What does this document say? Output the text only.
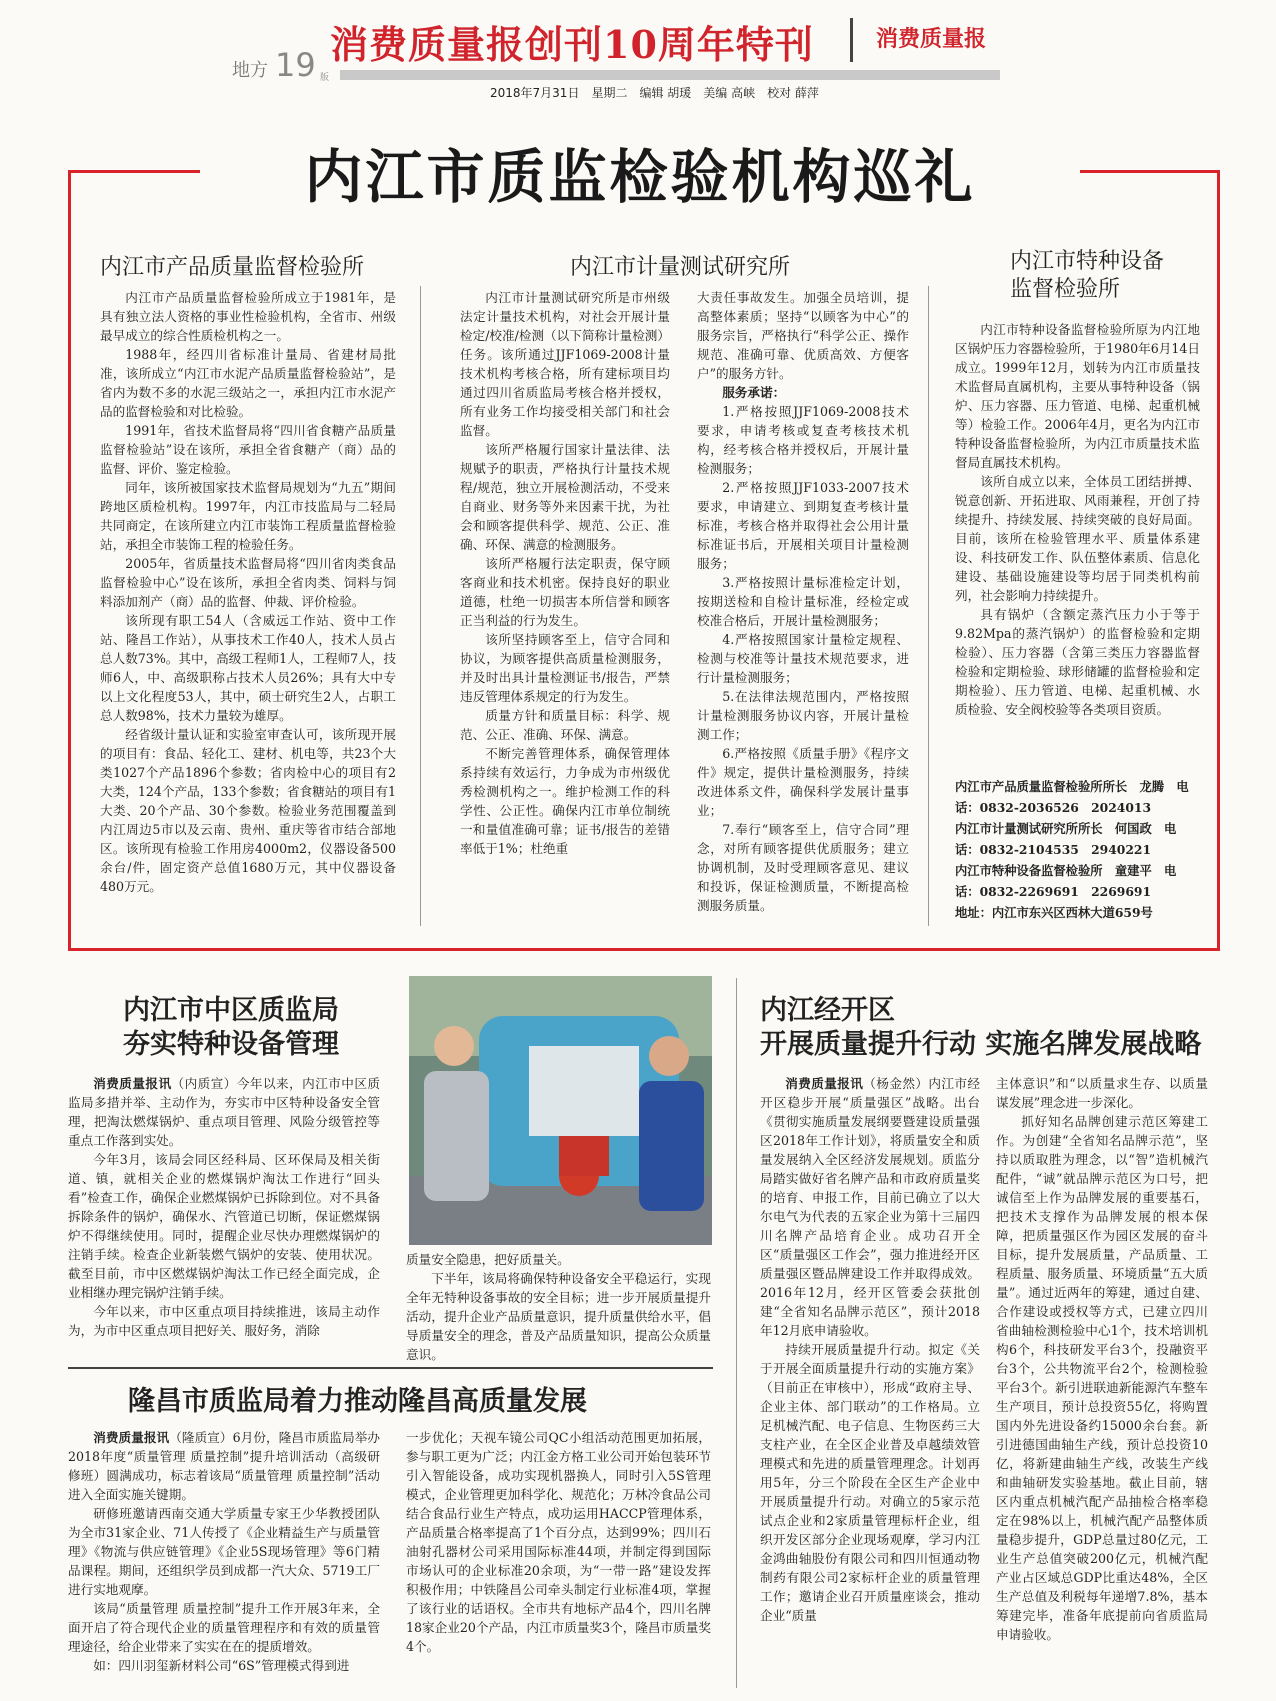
消费质量报创刊10周年特刊	消费质量报
地方 19 版
2018年7月31日　星期二　编辑 胡瑗　美编 高峡　校对 薛萍
内江市质监检验机构巡礼
内江市产品质量监督检验所

内江市产品质量监督检验所成立于1981年，是具有独立法人资格的事业性检验机构，全省市、州级最早成立的综合性质检机构之一。

1988年，经四川省标准计量局、省建材局批准，该所成立“内江市水泥产品质量监督检验站”，是省内为数不多的水泥三级站之一，承担内江市水泥产品的监督检验和对比检验。

1991年，省技术监督局将“四川省食糖产品质量监督检验站”设在该所，承担全省食糖产（商）品的监督、评价、鉴定检验。

同年，该所被国家技术监督局规划为“九五”期间跨地区质检机构。1997年，内江市技监局与二轻局共同商定，在该所建立内江市装饰工程质量监督检验站，承担全市装饰工程的检验任务。

2005年，省质量技术监督局将“四川省肉类食品监督检验中心”设在该所，承担全省肉类、饲料与饲料添加剂产（商）品的监督、仲裁、评价检验。

该所现有职工54人（含威远工作站、资中工作站、隆昌工作站），从事技术工作40人，技术人员占总人数73%。其中，高级工程师1人，工程师7人，技师6人，中、高级职称占技术人员26%；具有大中专以上文化程度53人，其中，硕士研究生2人，占职工总人数98%，技术力量较为雄厚。

经省级计量认证和实验室审查认可，该所现开展的项目有：食品、轻化工、建材、机电等，共23个大类1027个产品1896个参数；省肉检中心的项目有2大类，124个产品，133个参数；省食糖站的项目有1大类、20个产品、30个参数。检验业务范围覆盖到内江周边5市以及云南、贵州、重庆等省市结合部地区。该所现有检验工作用房4000m2，仪器设备500余台/件，固定资产总值1680万元，其中仪器设备480万元。

内江市计量测试研究所

内江市计量测试研究所是市州级法定计量技术机构，对社会开展计量检定/校准/检测（以下简称计量检测）任务。该所通过JJF1069-2008计量技术机构考核合格，所有建标项目均通过四川省质监局考核合格并授权，所有业务工作均接受相关部门和社会监督。

该所严格履行国家计量法律、法规赋予的职责，严格执行计量技术规程/规范，独立开展检测活动，不受来自商业、财务等外来因素干扰，为社会和顾客提供科学、规范、公正、准确、环保、满意的检测服务。

该所严格履行法定职责，保守顾客商业和技术机密。保持良好的职业道德，杜绝一切损害本所信誉和顾客正当利益的行为发生。

该所坚持顾客至上，信守合同和协议，为顾客提供高质量检测服务，并及时出具计量检测证书/报告，严禁违反管理体系规定的行为发生。

质量方针和质量目标：科学、规范、公正、准确、环保、满意。

不断完善管理体系，确保管理体系持续有效运行，力争成为市州级优秀检测机构之一。维护检测工作的科学性、公正性。确保内江市单位制统一和量值准确可靠；证书/报告的差错率低于1%；杜绝重

大责任事故发生。加强全员培训，提高整体素质；坚持“以顾客为中心”的服务宗旨，严格执行“科学公正、操作规范、准确可靠、优质高效、方便客户”的服务方针。

服务承诺：

1.严格按照JJF1069-2008技术要求，申请考核或复查考核技术机构，经考核合格并授权后，开展计量检测服务；

2.严格按照JJF1033-2007技术要求，申请建立、到期复查考核计量标准，考核合格并取得社会公用计量标准证书后，开展相关项目计量检测服务；

3.严格按照计量标准检定计划，按期送检和自检计量标准，经检定或校准合格后，开展计量检测服务；

4.严格按照国家计量检定规程、检测与校准等计量技术规范要求，进行计量检测服务；

5.在法律法规范围内，严格按照计量检测服务协议内容，开展计量检测工作；

6.严格按照《质量手册》《程序文件》规定，提供计量检测服务，持续改进体系文件，确保科学发展计量事业；

7.奉行“顾客至上，信守合同”理念，对所有顾客提供优质服务；建立协调机制，及时受理顾客意见、建议和投诉，保证检测质量，不断提高检测服务质量。

内江市特种设备
监督检验所

内江市特种设备监督检验所原为内江地区锅炉压力容器检验所，于1980年6月14日成立。1999年12月，划转为内江市质量技术监督局直属机构，主要从事特种设备（锅炉、压力容器、压力管道、电梯、起重机械等）检验工作。2006年4月，更名为内江市特种设备监督检验所，为内江市质量技术监督局直属技术机构。

该所自成立以来，全体员工团结拼搏、锐意创新、开拓进取、风雨兼程，开创了持续提升、持续发展、持续突破的良好局面。目前，该所在检验管理水平、质量体系建设、科技研发工作、队伍整体素质、信息化建设、基础设施建设等均居于同类机构前列，社会影响力持续提升。

具有锅炉（含额定蒸汽压力小于等于9.82Mpa的蒸汽锅炉）的监督检验和定期检验）、压力容器（含第三类压力容器监督检验和定期检验、球形储罐的监督检验和定期检验）、压力管道、电梯、起重机械、水质检验、安全阀校验等各类项目资质。

内江市产品质量监督检验所所长　龙腾　电话：0832-2036526　2024013

内江市计量测试研究所所长　何国政　电话：0832-2104535　2940221

内江市特种设备监督检验所　童建平　电话：0832-2269691　2269691

地址：内江市东兴区西林大道659号

内江市中区质监局
夯实特种设备管理

消费质量报讯（内质宣）今年以来，内江市中区质监局多措并举、主动作为，夯实市中区特种设备安全管理，把淘汰燃煤锅炉、重点项目管理、风险分级管控等重点工作落到实处。

今年3月，该局会同区经科局、区环保局及相关街道、镇，就相关企业的燃煤锅炉淘汰工作进行“回头看”检查工作，确保企业燃煤锅炉已拆除到位。对不具备拆除条件的锅炉，确保水、汽管道已切断，保证燃煤锅炉不得继续使用。同时，提醒企业尽快办理燃煤锅炉的注销手续。检查企业新装燃气锅炉的安装、使用状况。截至目前，市中区燃煤锅炉淘汰工作已经全面完成，企业相继办理完锅炉注销手续。

今年以来，市中区重点项目持续推进，该局主动作为，为市中区重点项目把好关、服好务，消除

质量安全隐患，把好质量关。

下半年，该局将确保特种设备安全平稳运行，实现全年无特种设备事故的安全目标；进一步开展质量提升活动，提升企业产品质量意识，提升质量供给水平，倡导质量安全的理念，普及产品质量知识，提高公众质量意识。

隆昌市质监局着力推动隆昌高质量发展

消费质量报讯（隆质宣）6月份，隆昌市质监局举办2018年度“质量管理 质量控制”提升培训活动（高级研修班）圆满成功，标志着该局“质量管理 质量控制”活动进入全面实施关键期。

研修班邀请西南交通大学质量专家王少华教授团队为全市31家企业、71人传授了《企业精益生产与质量管理》《物流与供应链管理》《企业5S现场管理》等6门精品课程。期间，还组织学员到成都一汽大众、5719工厂进行实地观摩。

该局“质量管理 质量控制”提升工作开展3年来，全面开启了符合现代企业的质量管理程序和有效的质量管理途径，给企业带来了实实在在的提质增效。

如：四川羽玺新材料公司“6S”管理模式得到进

一步优化；天视车镜公司QC小组活动范围更加拓展，参与职工更为广泛；内江金方格工业公司开始包装环节引入智能设备，成功实现机器换人，同时引入5S管理模式，企业管理更加科学化、规范化；万林冷食品公司结合食品行业生产特点，成功运用HACCP管理体系，产品质量合格率提高了1个百分点，达到99%；四川石油射孔器材公司采用国际标准44项，并制定得到国际市场认可的企业标准20余项，为“一带一路”建设发挥积极作用；中铁隆昌公司牵头制定行业标准4项，掌握了该行业的话语权。全市共有地标产品4个，四川名牌18家企业20个产品，内江市质量奖3个，隆昌市质量奖4个。

内江经开区
开展质量提升行动 实施名牌发展战略

消费质量报讯（杨金然）内江市经开区稳步开展“质量强区”战略。出台《贯彻实施质量发展纲要暨建设质量强区2018年工作计划》，将质量安全和质量发展纳入全区经济发展规划。质监分局踏实做好省名牌产品和市政府质量奖的培育、申报工作，目前已确立了以大尔电气为代表的五家企业为第十三届四川名牌产品培育企业。成功召开全区“质量强区工作会”，强力推进经开区质量强区暨品牌建设工作并取得成效。2016年12月，经开区管委会获批创建“全省知名品牌示范区”，预计2018年12月底申请验收。

持续开展质量提升行动。拟定《关于开展全面质量提升行动的实施方案》（目前正在审核中），形成“政府主导、企业主体、部门联动”的工作格局。立足机械汽配、电子信息、生物医药三大支柱产业，在全区企业普及卓越绩效管理模式和先进的质量管理理念。计划再用5年，分三个阶段在全区生产企业中开展质量提升行动。对确立的5家示范试点企业和2家质量管理标杆企业，组织开发区部分企业现场观摩，学习内江金鸿曲轴股份有限公司和四川恒通动物制药有限公司2家标杆企业的质量管理工作；邀请企业召开质量座谈会，推动企业“质量

主体意识”和“以质量求生存、以质量谋发展”理念进一步深化。

抓好知名品牌创建示范区筹建工作。为创建“全省知名品牌示范”，坚持以质取胜为理念，以“智”造机械汽配件，“诚”就品牌示范区为口号，把诚信至上作为品牌发展的重要基石，把技术支撑作为品牌发展的根本保障，把质量强区作为园区发展的奋斗目标，提升发展质量，产品质量、工程质量、服务质量、环境质量“五大质量”。通过近两年的筹建，通过自建、合作建设或授权等方式，已建立四川省曲轴检测检验中心1个，技术培训机构6个，科技研发平台3个，投融资平台3个，公共物流平台2个，检测检验平台3个。新引进联迪新能源汽车整车生产项目，预计总投资55亿，将购置国内外先进设备约15000余台套。新引进德国曲轴生产线，预计总投资10亿，将新建曲轴生产线，改装生产线和曲轴研发实验基地。截止目前，辖区内重点机械汽配产品抽检合格率稳定在98%以上，机械汽配产品整体质量稳步提升，GDP总量过80亿元，工业生产总值突破200亿元，机械汽配产业占区域总GDP比重达48%，全区生产总值及利税每年递增7.8%，基本筹建完毕，准备年底提前向省质监局申请验收。
